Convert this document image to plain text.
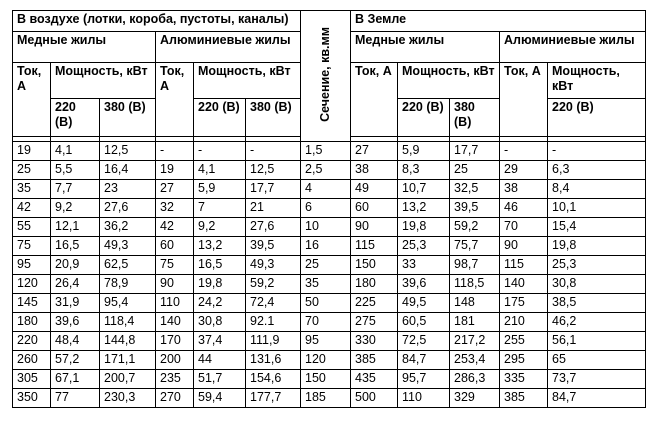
В воздухе (лотки, короба, пустоты, каналы)						Сечение, кв.мм	В Земле				
Медные жилы			Алюминиевые жилы				Медные жилы			Алюминиевые жилы	
Ток, А	Мощность, кВт		Ток, А	Мощность, кВт			Ток, А	Мощность, кВт		Ток, А	Мощность, кВт
	220 (В)	380 (В)		220 (В)	380 (В)			220 (В)	380 (В)		220 (В)

19	4,1	12,5	-	-	-	1,5	27	5,9	17,7	-	-
25	5,5	16,4	19	4,1	12,5	2,5	38	8,3	25	29	6,3
35	7,7	23	27	5,9	17,7	4	49	10,7	32,5	38	8,4
42	9,2	27,6	32	7	21	6	60	13,2	39,5	46	10,1
55	12,1	36,2	42	9,2	27,6	10	90	19,8	59,2	70	15,4
75	16,5	49,3	60	13,2	39,5	16	115	25,3	75,7	90	19,8
95	20,9	62,5	75	16,5	49,3	25	150	33	98,7	115	25,3
120	26,4	78,9	90	19,8	59,2	35	180	39,6	118,5	140	30,8
145	31,9	95,4	110	24,2	72,4	50	225	49,5	148	175	38,5
180	39,6	118,4	140	30,8	92.1	70	275	60,5	181	210	46,2
220	48,4	144,8	170	37,4	111,9	95	330	72,5	217,2	255	56,1
260	57,2	171,1	200	44	131,6	120	385	84,7	253,4	295	65
305	67,1	200,7	235	51,7	154,6	150	435	95,7	286,3	335	73,7
350	77	230,3	270	59,4	177,7	185	500	110	329	385	84,7
